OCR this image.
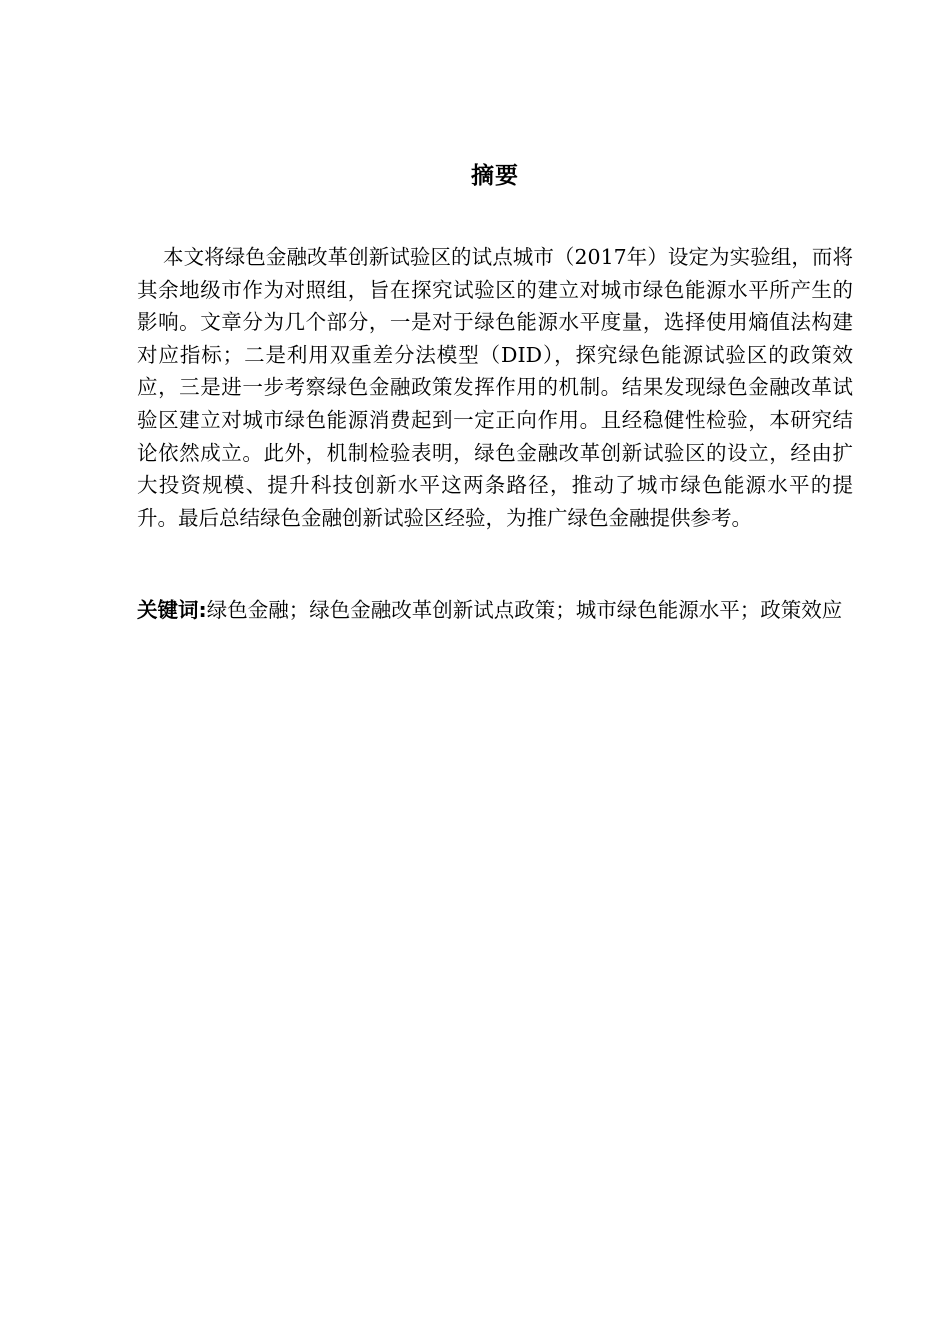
摘要

本文将绿色金融改革创新试验区的试点城市（2017年）设定为实验组，而将其余地级市作为对照组，旨在探究试验区的建立对城市绿色能源水平所产生的影响。文章分为几个部分，一是对于绿色能源水平度量，选择使用熵值法构建对应指标；二是利用双重差分法模型（DID），探究绿色能源试验区的政策效应，三是进一步考察绿色金融政策发挥作用的机制。结果发现绿色金融改革试验区建立对城市绿色能源消费起到一定正向作用。且经稳健性检验，本研究结论依然成立。此外，机制检验表明，绿色金融改革创新试验区的设立，经由扩大投资规模、提升科技创新水平这两条路径，推动了城市绿色能源水平的提升。最后总结绿色金融创新试验区经验，为推广绿色金融提供参考。

关键词:绿色金融；绿色金融改革创新试点政策；城市绿色能源水平；政策效应
